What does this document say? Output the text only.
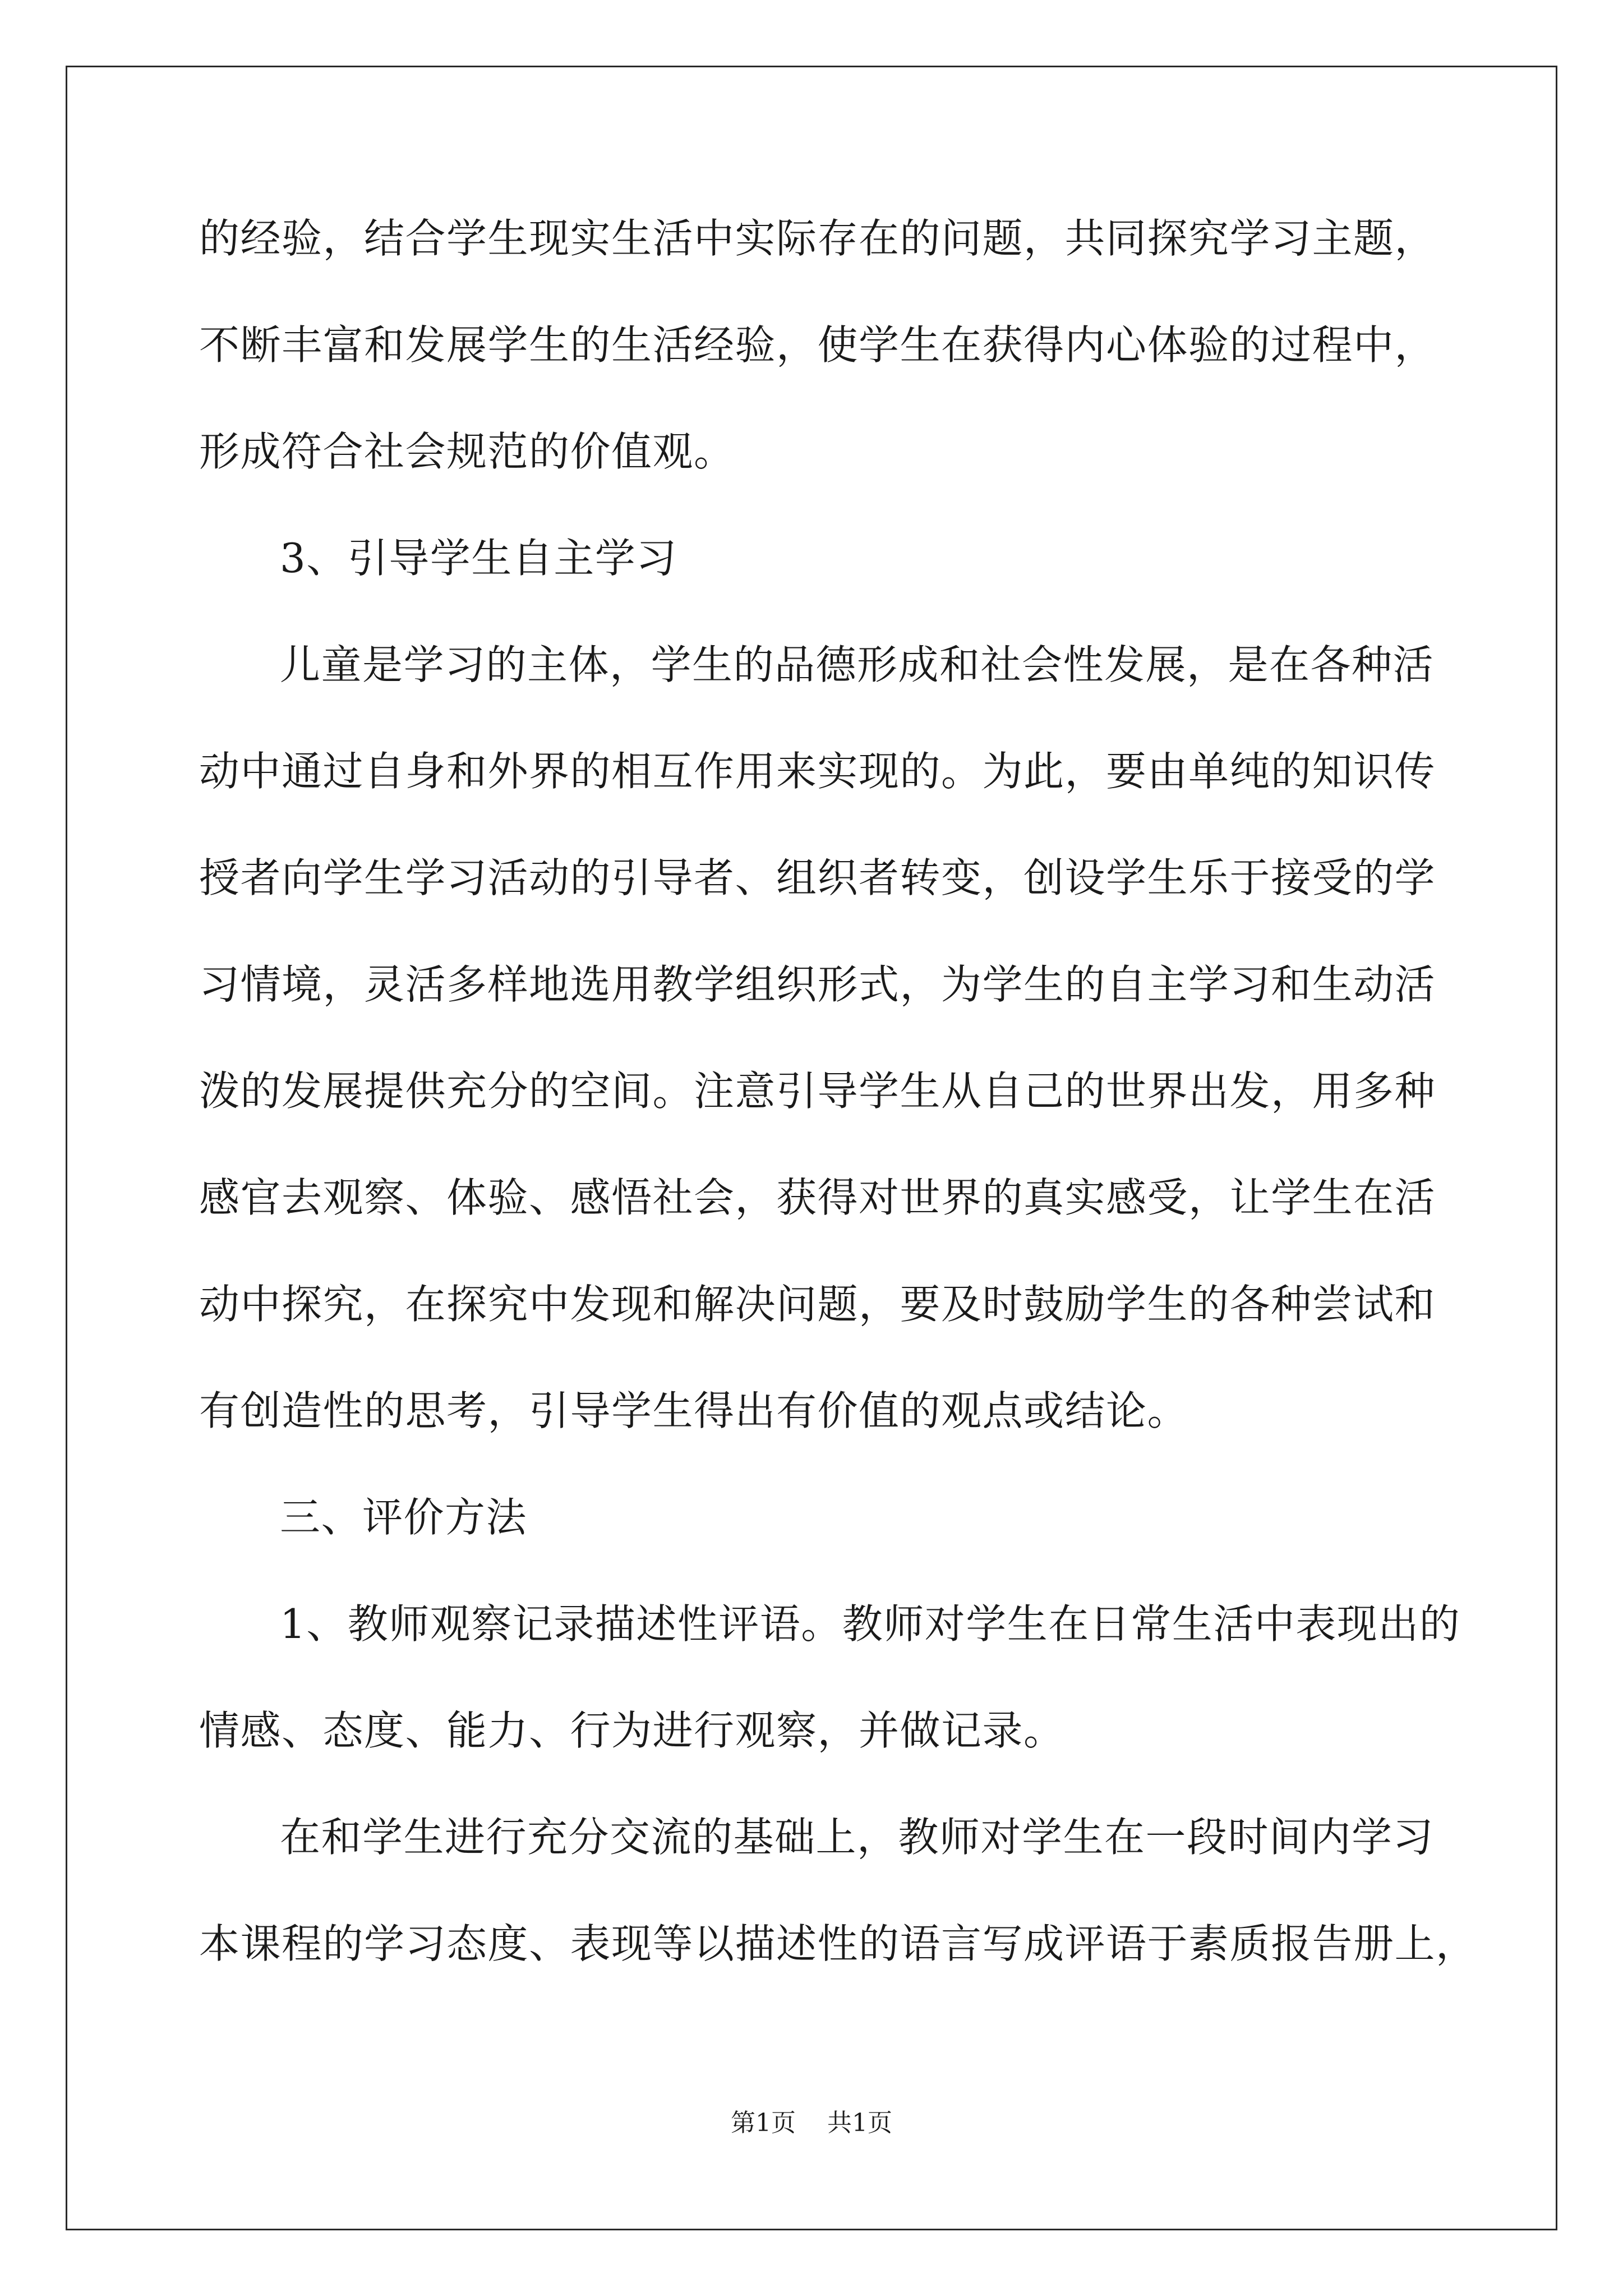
的经验，结合学生现实生活中实际存在的问题，共同探究学习主题，
不断丰富和发展学生的生活经验，使学生在获得内心体验的过程中，
形成符合社会规范的价值观。
3、引导学生自主学习
儿童是学习的主体，学生的品德形成和社会性发展，是在各种活
动中通过自身和外界的相互作用来实现的。为此，要由单纯的知识传
授者向学生学习活动的引导者、组织者转变，创设学生乐于接受的学
习情境，灵活多样地选用教学组织形式，为学生的自主学习和生动活
泼的发展提供充分的空间。注意引导学生从自己的世界出发，用多种
感官去观察、体验、感悟社会，获得对世界的真实感受，让学生在活
动中探究，在探究中发现和解决问题，要及时鼓励学生的各种尝试和
有创造性的思考，引导学生得出有价值的观点或结论。
三、评价方法
1、教师观察记录描述性评语。教师对学生在日常生活中表现出的
情感、态度、能力、行为进行观察，并做记录。
在和学生进行充分交流的基础上，教师对学生在一段时间内学习
本课程的学习态度、表现等以描述性的语言写成评语于素质报告册上，
第1页 共1页
